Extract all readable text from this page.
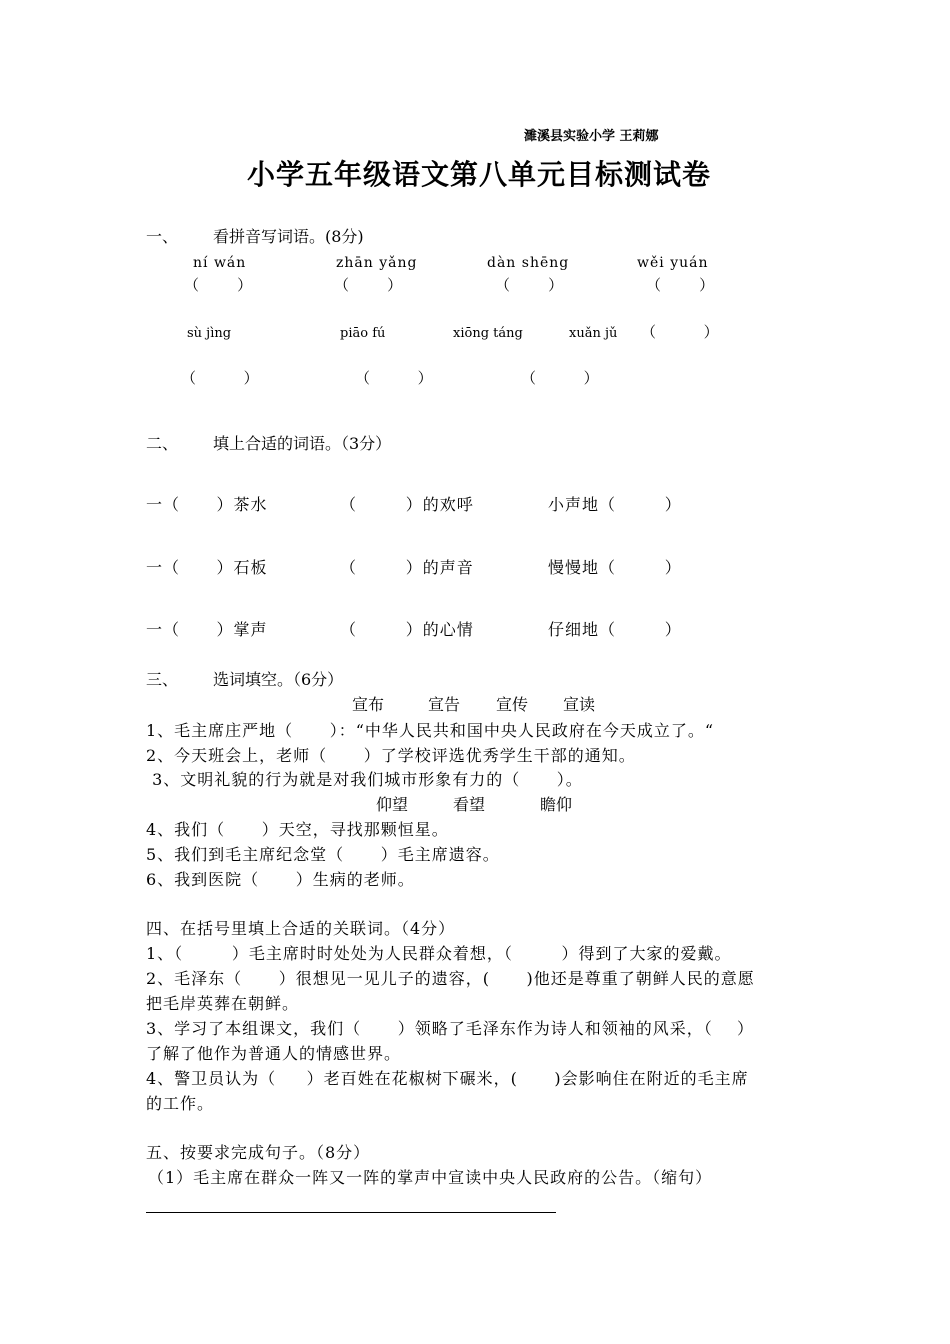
濉溪县实验小学 王莉娜
小学五年级语文第八单元目标测试卷
一、 看拼音写词语。(8分)
ní wán	zhān yǎng	dàn shēng	wěi yuán
（        ）	（        ）	（        ）	（        ）
sù jìng	piāo fú	xiōng táng	xuǎn jǔ （          ）
（          ）	（          ）	（          ）
二、 填上合适的词语。（3分）
一（      ）茶水	（        ）的欢呼	小声地（        ）
一（      ）石板	（        ）的声音	慢慢地（        ）
一（      ）掌声	（        ）的心情	仔细地（        ）
三、 选词填空。（6分）
宣布	宣告 宣传 宣读
1、毛主席庄严地（      ）：“中华人民共和国中央人民政府在今天成立了。“
2、今天班会上，老师（      ）了学校评选优秀学生干部的通知。
3、文明礼貌的行为就是对我们城市形象有力的（      ）。
仰望	看望	瞻仰
4、我们（      ）天空，寻找那颗恒星。
5、我们到毛主席纪念堂（      ）毛主席遗容。
6、我到医院（      ）生病的老师。
四、在括号里填上合适的关联词。（4分）
1、（        ）毛主席时时处处为人民群众着想，（        ）得到了大家的爱戴。
2、毛泽东（      ）很想见一见儿子的遗容，(      )他还是尊重了朝鲜人民的意愿
把毛岸英葬在朝鲜。
3、学习了本组课文，我们（      ）领略了毛泽东作为诗人和领袖的风采，（    ）
了解了他作为普通人的情感世界。
4、警卫员认为（     ）老百姓在花椒树下碾米，(      )会影响住在附近的毛主席
的工作。
五、按要求完成句子。（8分）
（1）毛主席在群众一阵又一阵的掌声中宣读中央人民政府的公告。（缩句）
